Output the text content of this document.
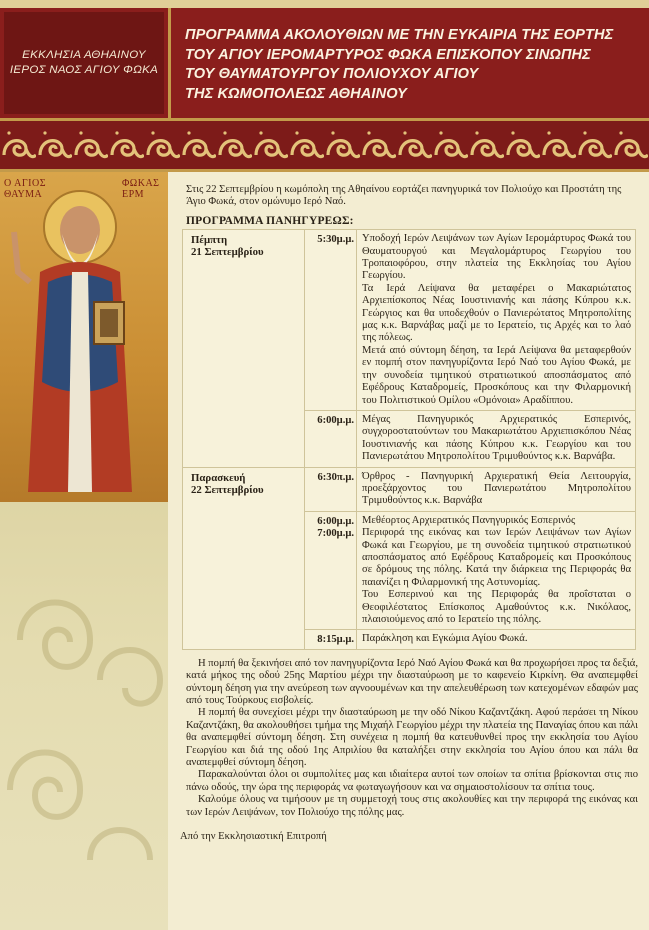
ΕΚΚΛΗΣΙΑ ΑΘΗΑΙΝΟΥ
ΙΕΡΟΣ ΝΑΟΣ ΑΓΙΟΥ ΦΩΚΑ
ΠΡΟΓΡΑΜΜΑ ΑΚΟΛΟΥΘΙΩΝ ΜΕ ΤΗΝ ΕΥΚΑΙΡΙΑ ΤΗΣ ΕΟΡΤΗΣ
ΤΟΥ ΑΓΙΟΥ ΙΕΡΟΜΑΡΤΥΡΟΣ ΦΩΚΑ ΕΠΙΣΚΟΠΟΥ ΣΙΝΩΠΗΣ
ΤΟΥ ΘΑΥΜΑΤΟΥΡΓΟΥ ΠΟΛΙΟΥΧΟΥ ΑΓΙΟΥ
ΤΗΣ ΚΩΜΟΠΟΛΕΩΣ ΑΘΗΑΙΝΟΥ
Ο ΑΓΙΟΣ
ΘΑΥΜΑ
ΦΩΚΑΣ
ΕΡΜ	Στις 22 Σεπτεμβρίου η κωμόπολη της Αθηαίνου εορτάζει πανηγυρικά τον Πολιούχο και Προστάτη της Άγιο Φωκά, στον ομώνυμο Ιερό Ναό.
ΠΡΟΓΡΑΜΜΑ ΠΑΝΗΓΥΡΕΩΣ:
Πέμπτη
21 Σεπτεμβρίου
5:30μ.μ. Υποδοχή Ιερών Λειψάνων των Αγίων Ιερομάρτυρος Φωκά του Θαυματουργού και Μεγαλομάρτυρος Γεωργίου του Τροπαιοφόρου, στην πλατεία της Εκκλησίας του Αγίου Γεωργίου.

Τα Ιερά Λείψανα θα μεταφέρει ο Μακαριώτατος Αρχιεπίσκοπος Νέας Ιουστινιανής και πάσης Κύπρου κ.κ. Γεώργιος και θα υποδεχθούν ο Πανιερώτατος Μητροπολίτης μας κ.κ. Βαρνάβας μαζί με το Ιερατείο, τις Αρχές και το λαό της πόλεως.

Μετά από σύντομη δέηση, τα Ιερά Λείψανα θα μεταφερθούν εν πομπή στον πανηγυρίζοντα Ιερό Ναό του Αγίου Φωκά, με την συνοδεία τιμητικού στρατιωτικού αποσπάσματος από Εφέδρους Καταδρομείς, Προσκόπους και την Φιλαρμονική του Πολιτιστικού Ομίλου «Ομόνοια» Αραδίππου.

6:00μ.μ. Μέγας Πανηγυρικός Αρχιερατικός Εσπερινός, συγχοροστατούντων του Μακαριωτάτου Αρχιεπισκόπου Νέας Ιουστινιανής και πάσης Κύπρου κ.κ. Γεωργίου και του Πανιερωτάτου Μητροπολίτου Τριμυθούντος κ.κ. Βαρνάβα.

Παρασκευή
22 Σεπτεμβρίου
6:30π.μ. Όρθρος - Πανηγυρική Αρχιερατική Θεία Λειτουργία, προεξάρχοντος του Πανιερωτάτου Μητροπολίτου Τριμυθούντος κ.κ. Βαρνάβα

6:00μ.μ.
7:00μ.μ.

Μεθέορτος Αρχιερατικός Πανηγυρικός Εσπερινός

Περιφορά της εικόνας και των Ιερών Λειψάνων των Αγίων Φωκά και Γεωργίου, με τη συνοδεία τιμητικού στρατιωτικού αποσπάσματος από Εφέδρους Καταδρομείς και Προσκόπους σε δρόμους της πόλης. Κατά την διάρκεια της Περιφοράς θα παιανίζει η Φιλαρμονική της Αστυνομίας.

Του Εσπερινού και της Περιφοράς θα προΐσταται ο Θεοφιλέστατος Επίσκοπος Αμαθούντος κ.κ. Νικόλαος, πλαισιούμενος από το Ιερατείο της πόλης.

8:15μ.μ. Παράκληση και Εγκώμια Αγίου Φωκά.

Η πομπή θα ξεκινήσει από τον πανηγυρίζοντα Ιερό Ναό Αγίου Φωκά και θα προχωρήσει προς τα δεξιά, κατά μήκος της οδού 25ης Μαρτίου μέχρι την διασταύρωση με το καφενείο Κιρκίνη. Θα αναπεμφθεί σύντομη δέηση για την ανεύρεση των αγνοουμένων και την απελευθέρωση των κατεχομένων εδαφών μας από τους Τούρκους εισβολείς.

Η πομπή θα συνεχίσει μέχρι την διασταύρωση με την οδό Νίκου Καζαντζάκη. Αφού περάσει τη Νίκου Καζαντζάκη, θα ακολουθήσει τμήμα της Μιχαήλ Γεωργίου μέχρι την πλατεία της Παναγίας όπου και πάλι θα αναπεμφθεί σύντομη δέηση. Στη συνέχεια η πομπή θα κατευθυνθεί προς την εκκλησία του Αγίου Γεωργίου και διά της οδού 1ης Απριλίου θα καταλήξει στην εκκλησία του Αγίου όπου και πάλι θα αναπεμφθεί σύντομη δέηση.

Παρακαλούνται όλοι οι συμπολίτες μας και ιδιαίτερα αυτοί των οποίων τα σπίτια βρίσκονται στις πιο πάνω οδούς, την ώρα της περιφοράς να φωταγωγήσουν και να σημαιοστολίσουν τα σπίτια τους.

Καλούμε όλους να τιμήσουν με τη συμμετοχή τους στις ακολουθίες και την περιφορά της εικόνας και των Ιερών Λειψάνων, τον Πολιούχο της πόλης μας.

Από την Εκκλησιαστική Επιτροπή
